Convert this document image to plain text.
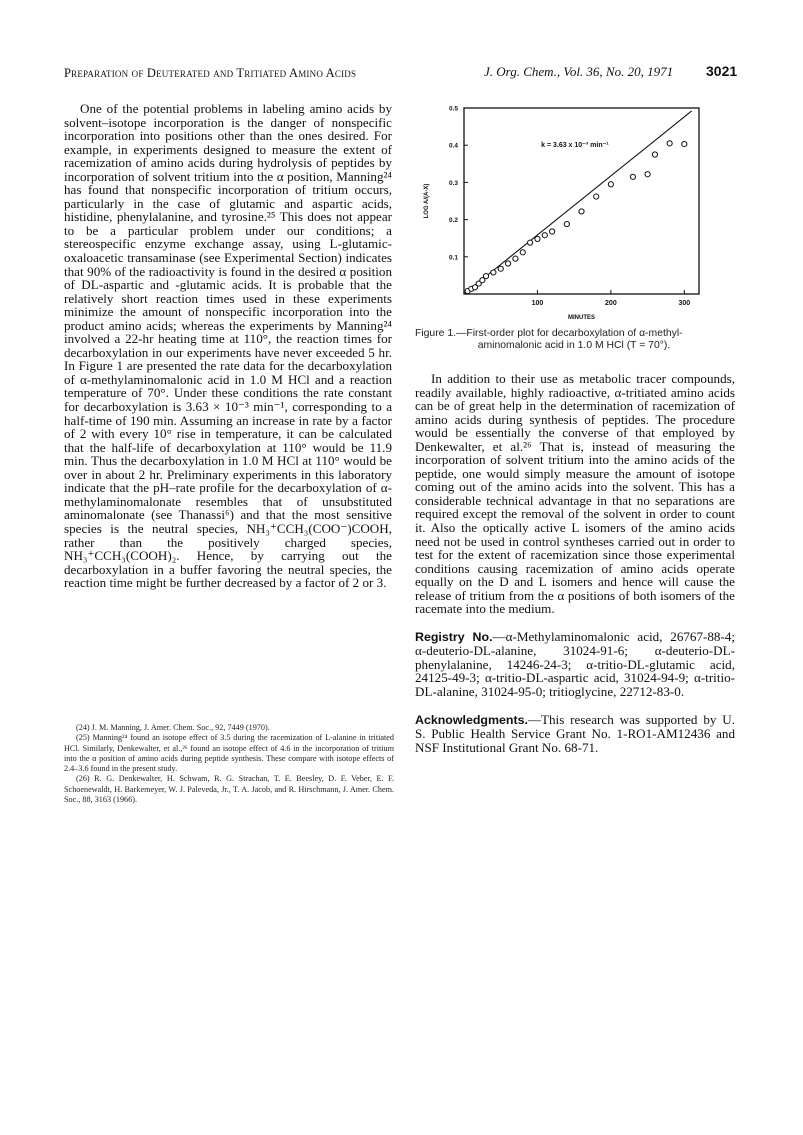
Preparation of Deuterated and Tritiated Amino Acids	J. Org. Chem., Vol. 36, No. 20, 1971 3021

One of the potential problems in labeling amino acids by solvent–isotope incorporation is the danger of nonspecific incorporation into positions other than the ones desired. For example, in experiments designed to measure the extent of racemization of amino acids during hydrolysis of peptides by incorporation of solvent tritium into the α position, Manning²⁴ has found that nonspecific incorporation of tritium occurs, particularly in the case of glutamic and aspartic acids, histidine, phenylalanine, and tyrosine.²⁵ This does not appear to be a particular problem under our conditions; a stereospecific enzyme exchange assay, using L-glutamic-oxaloacetic transaminase (see Experimental Section) indicates that 90% of the radioactivity is found in the desired α position of DL-aspartic and -glutamic acids. It is probable that the relatively short reaction times used in these experiments minimize the amount of nonspecific incorporation into the product amino acids; whereas the experiments by Manning²⁴ involved a 22-hr heating time at 110°, the reaction times for decarboxylation in our experiments have never exceeded 5 hr. In Figure 1 are presented the rate data for the decarboxylation of α-methylaminomalonic acid in 1.0 M HCl and a reaction temperature of 70°. Under these conditions the rate constant for decarboxylation is 3.63 × 10⁻³ min⁻¹, corresponding to a half-time of 190 min. Assuming an increase in rate by a factor of 2 with every 10° rise in temperature, it can be calculated that the half-life of decarboxylation at 110° would be 11.9 min. Thus the decarboxylation in 1.0 M HCl at 110° would be over in about 2 hr. Preliminary experiments in this laboratory indicate that the pH–rate profile for the decarboxylation of α-methylaminomalonate resembles that of unsubstituted aminomalonate (see Thanassi⁶) and that the most sensitive species is the neutral species, NH₃⁺CCH₃(COO⁻)COOH, rather than the positively charged species, NH₃⁺CCH₃(COOH)₂. Hence, by carrying out the decarboxylation in a buffer favoring the neutral species, the reaction time might be further decreased by a factor of 2 or 3.

(24) J. M. Manning, J. Amer. Chem. Soc., 92, 7449 (1970).
(25) Manning²⁴ found an isotope effect of 3.5 during the racemization of L-alanine in tritiated HCl. Similarly, Denkewalter, et al.,²⁶ found an isotope effect of 4.6 in the incorporation of tritium into the α position of amino acids during peptide synthesis. These compare with isotope effects of 2.4–3.6 found in the present study.
(26) R. G. Denkewalter, H. Schwam, R. G. Strachan, T. E. Beesley, D. F. Veber, E. F. Schoenewaldt, H. Barkemeyer, W. J. Paleveda, Jr., T. A. Jacob, and R. Hirschmann, J. Amer. Chem. Soc., 88, 3163 (1966).
100	200	300
0.1
0.2
0.3
0.4
0.5
MINUTES
LOG A/(A-X)
k = 3.63 x 10⁻³ min⁻¹
Figure 1.—First-order plot for decarboxylation of α-methyl-
aminomalonic acid in 1.0 M HCl (T = 70°).

In addition to their use as metabolic tracer compounds, readily available, highly radioactive, α-tritiated amino acids can be of great help in the determination of racemization of amino acids during synthesis of peptides. The procedure would be essentially the converse of that employed by Denkewalter, et al.²⁶ That is, instead of measuring the incorporation of solvent tritium into the amino acids of the peptide, one would simply measure the amount of isotope coming out of the amino acids into the solvent. This has a considerable technical advantage in that no separations are required except the removal of the solvent in order to count it. Also the optically active L isomers of the amino acids need not be used in control syntheses carried out in order to test for the extent of racemization since those experimental conditions causing racemization of amino acids operate equally on the D and L isomers and hence will cause the release of tritium from the α positions of both isomers of the racemate into the medium.

Registry No.—α-Methylaminomalonic acid, 26767-88-4; α-deuterio-DL-alanine, 31024-91-6; α-deuterio-DL-phenylalanine, 14246-24-3; α-tritio-DL-glutamic acid, 24125-49-3; α-tritio-DL-aspartic acid, 31024-94-9; α-tritio-DL-alanine, 31024-95-0; tritioglycine, 22712-83-0.

Acknowledgments.—This research was supported by U. S. Public Health Service Grant No. 1-RO1-AM12436 and NSF Institutional Grant No. 68-71.
